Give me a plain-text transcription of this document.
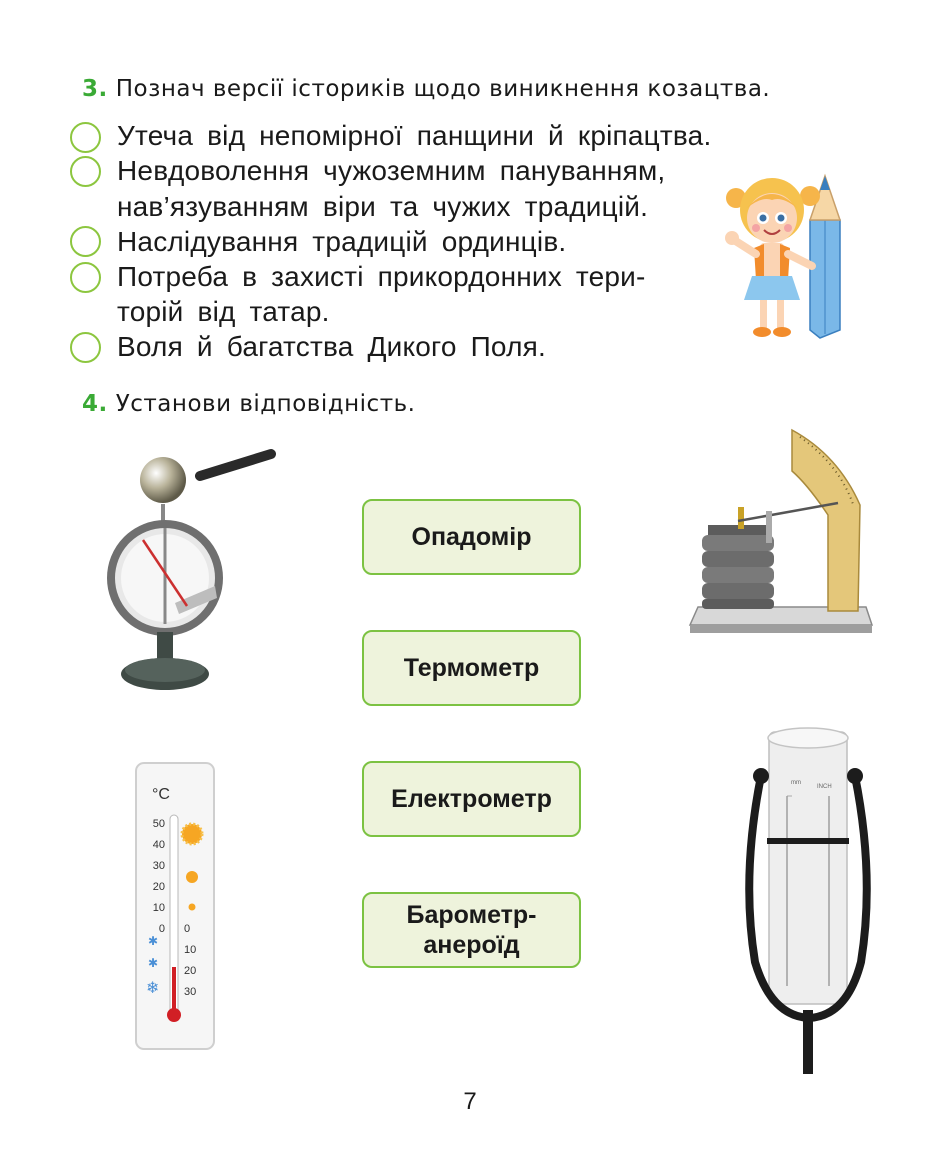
3. Познач версії істориків щодо виникнення козацтва.
Утеча від непомірної панщини й кріпацтва.
Невдоволення чужоземним пануванням,
нав’язуванням віри та чужих традицій.
Наслідування традицій ординців.
Потреба в захисті прикордонних тери-
торій від татар.
Воля й багатства Дикого Поля.
4. Установи відповідність.
Опадомір
Термометр
Електрометр
Барометр-
анероїд
°C
50
40
30
20
10
0 0
10
20
30
✱
✱
❄
mm
INCH
7
